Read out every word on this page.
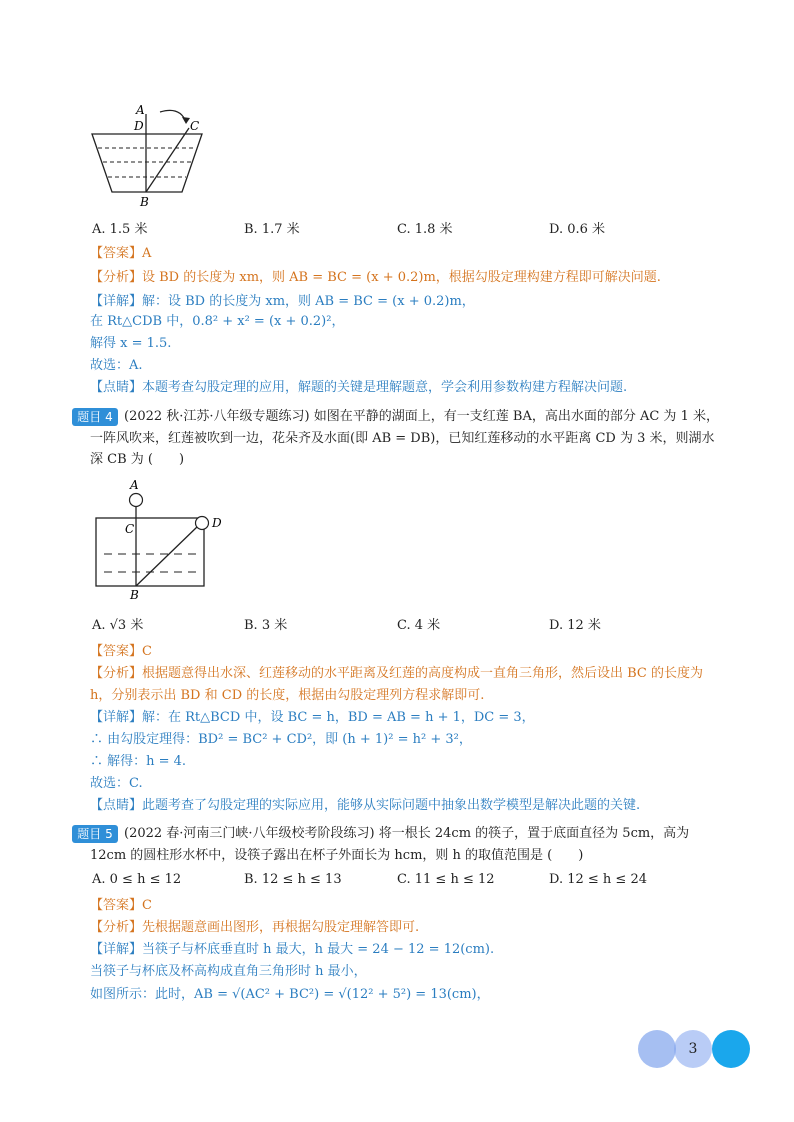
A
D	C
B
A. 1.5 米	B. 1.7 米	C. 1.8 米	D. 0.6 米
【答案】A
【分析】设 BD 的长度为 xm，则 AB = BC = (x + 0.2)m，根据勾股定理构建方程即可解决问题.
【详解】解：设 BD 的长度为 xm，则 AB = BC = (x + 0.2)m，
在 Rt△CDB 中，0.8² + x² = (x + 0.2)²，
解得 x = 1.5.
故选：A.
【点睛】本题考查勾股定理的应用，解题的关键是理解题意，学会利用参数构建方程解决问题.
题目 4 (2022 秋·江苏·八年级专题练习) 如图在平静的湖面上，有一支红莲 BA，高出水面的部分 AC 为 1 米，
一阵风吹来，红莲被吹到一边，花朵齐及水面(即 AB = DB)，已知红莲移动的水平距离 CD 为 3 米，则湖水
深 CB 为 (　　)
A
C	D
B
A. √3 米	B. 3 米	C. 4 米	D. 12 米
【答案】C
【分析】根据题意得出水深、红莲移动的水平距离及红莲的高度构成一直角三角形，然后设出 BC 的长度为
h，分别表示出 BD 和 CD 的长度，根据由勾股定理列方程求解即可.
【详解】解：在 Rt△BCD 中，设 BC = h，BD = AB = h + 1，DC = 3，
∴ 由勾股定理得：BD² = BC² + CD²，即 (h + 1)² = h² + 3²，
∴ 解得：h = 4.
故选：C.
【点睛】此题考查了勾股定理的实际应用，能够从实际问题中抽象出数学模型是解决此题的关键.
题目 5 (2022 春·河南三门峡·八年级校考阶段练习) 将一根长 24cm 的筷子，置于底面直径为 5cm，高为
12cm 的圆柱形水杯中，设筷子露出在杯子外面长为 hcm，则 h 的取值范围是 (　　)
A. 0 ≤ h ≤ 12	B. 12 ≤ h ≤ 13	C. 11 ≤ h ≤ 12	D. 12 ≤ h ≤ 24
【答案】C
【分析】先根据题意画出图形，再根据勾股定理解答即可.
【详解】当筷子与杯底垂直时 h 最大，h 最大 = 24 − 12 = 12(cm).
当筷子与杯底及杯高构成直角三角形时 h 最小，
如图所示：此时，AB = √(AC² + BC²) = √(12² + 5²) = 13(cm)，
3
